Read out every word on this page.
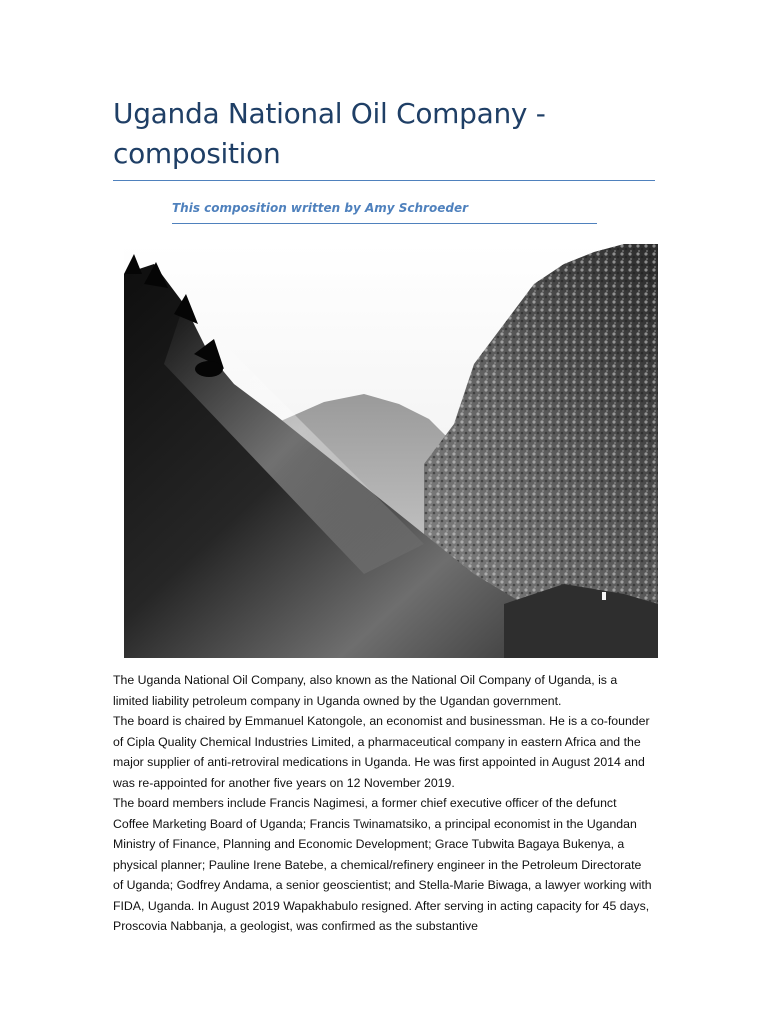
Uganda National Oil Company - composition

This composition written by Amy Schroeder

The Uganda National Oil Company, also known as the National Oil Company of Uganda, is a limited liability petroleum company in Uganda owned by the Ugandan government.

The board is chaired by Emmanuel Katongole, an economist and businessman. He is a co-founder of Cipla Quality Chemical Industries Limited, a pharmaceutical company in eastern Africa and the major supplier of anti-retroviral medications in Uganda. He was first appointed in August 2014 and was re-appointed for another five years on 12 November 2019.

The board members include Francis Nagimesi, a former chief executive officer of the defunct Coffee Marketing Board of Uganda; Francis Twinamatsiko, a principal economist in the Ugandan Ministry of Finance, Planning and Economic Development; Grace Tubwita Bagaya Bukenya, a physical planner; Pauline Irene Batebe, a chemical/refinery engineer in the Petroleum Directorate of Uganda; Godfrey Andama, a senior geoscientist; and Stella-Marie Biwaga, a lawyer working with FIDA, Uganda. In August 2019 Wapakhabulo resigned. After serving in acting capacity for 45 days, Proscovia Nabbanja, a geologist, was confirmed as the substantive
